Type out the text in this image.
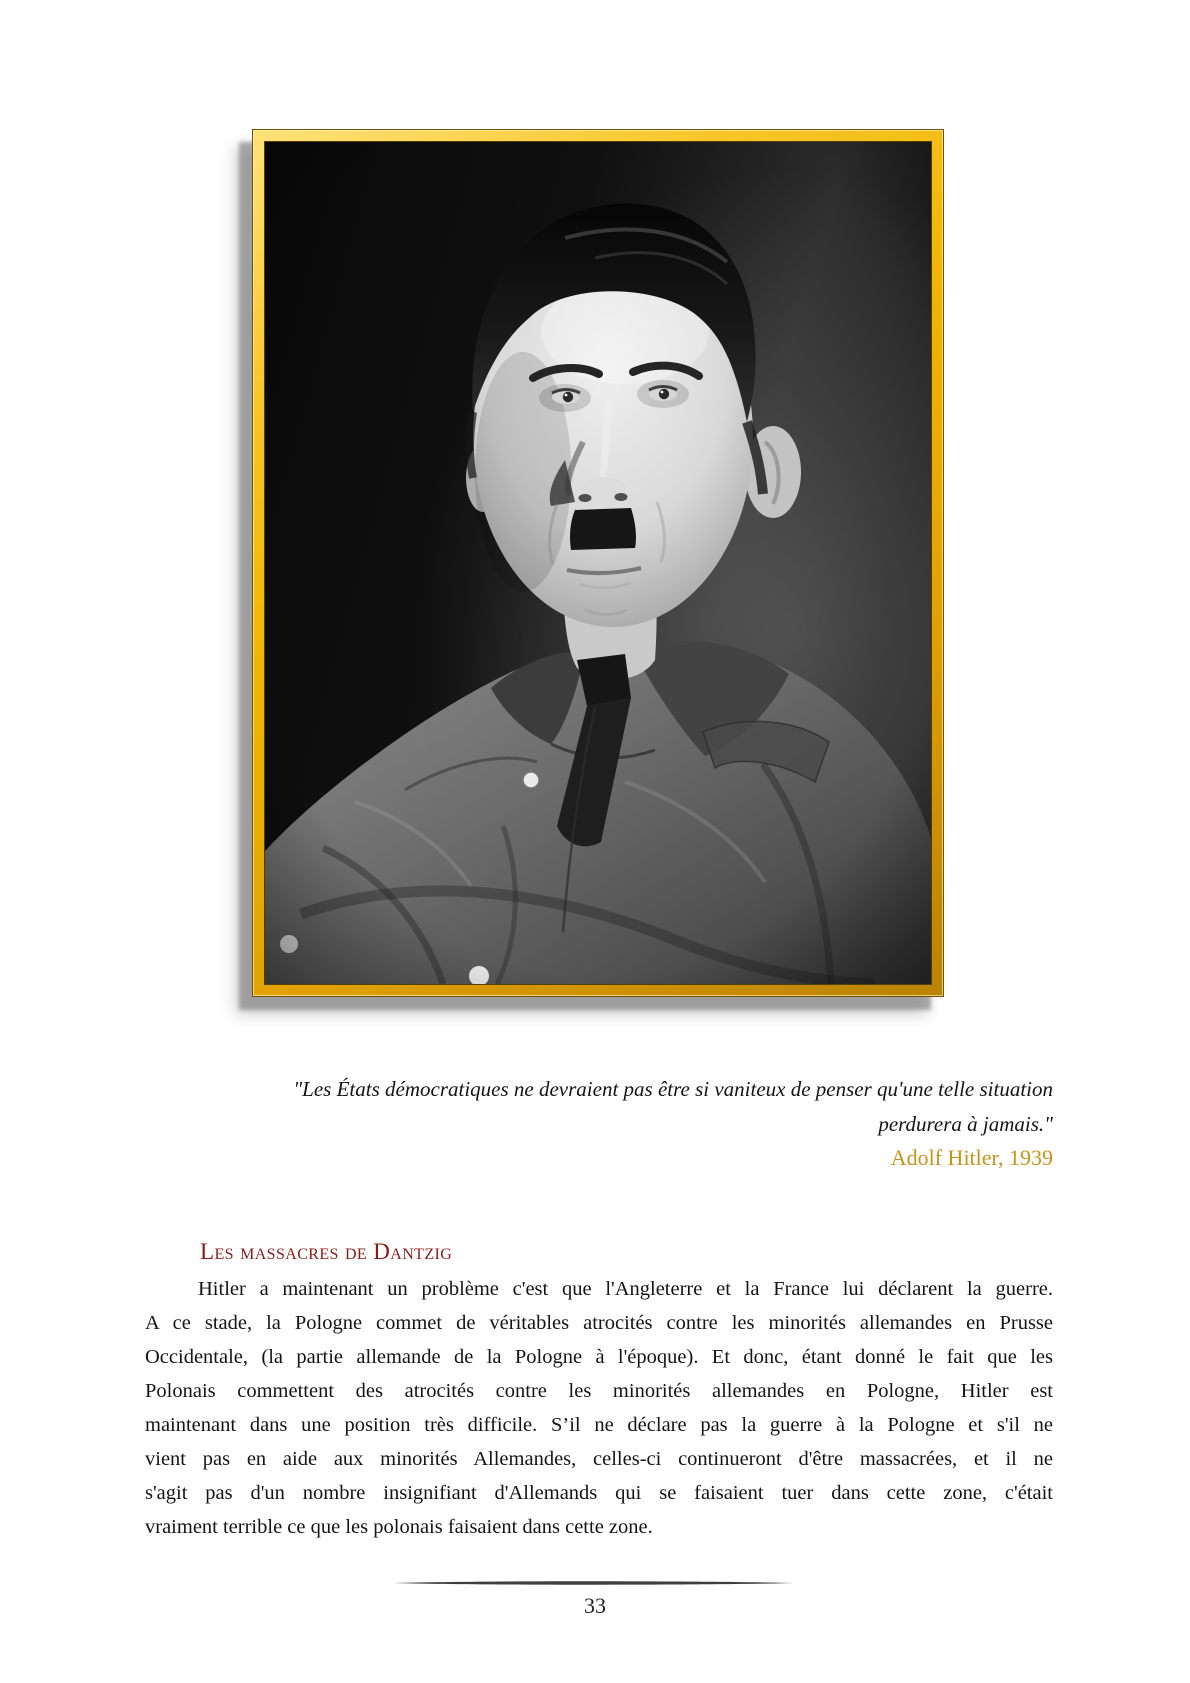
"Les États démocratiques ne devraient pas être si vaniteux de penser qu'une telle situation
perdurera à jamais."
Adolf Hitler, 1939
Les massacres de Dantzig
Hitler a maintenant un problème c'est que l'Angleterre et la France lui déclarent la guerre.
A ce stade, la Pologne commet de véritables atrocités contre les minorités allemandes en Prusse
Occidentale, (la partie allemande de la Pologne à l'époque). Et donc, étant donné le fait que les
Polonais commettent des atrocités contre les minorités allemandes en Pologne, Hitler est
maintenant dans une position très difficile. S’il ne déclare pas la guerre à la Pologne et s'il ne
vient pas en aide aux minorités Allemandes, celles-ci continueront d'être massacrées, et il ne
s'agit pas d'un nombre insignifiant d'Allemands qui se faisaient tuer dans cette zone, c'était
vraiment terrible ce que les polonais faisaient dans cette zone.
33
